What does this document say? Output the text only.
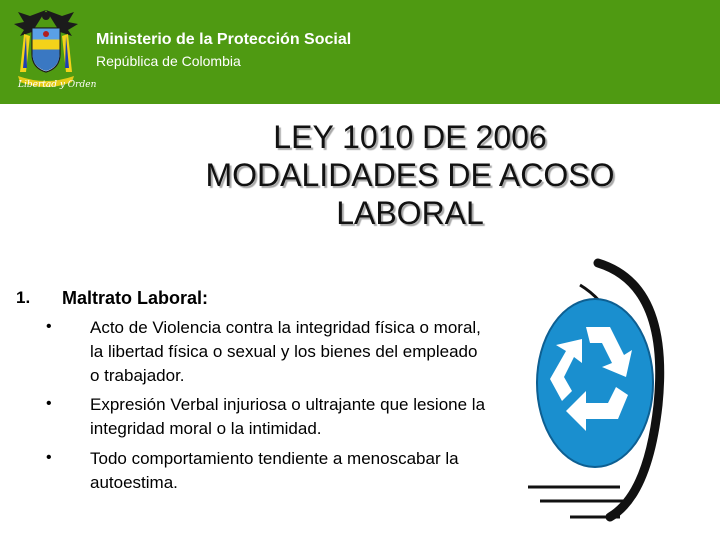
Ministerio de la Protección Social
República de Colombia
Libertad y Orden
LEY 1010 DE 2006
MODALIDADES DE ACOSO
LABORAL
1. Maltrato Laboral:
• Acto de Violencia contra la integridad física o moral, la libertad física o sexual y los bienes del empleado o trabajador.
• Expresión Verbal injuriosa o ultrajante que lesione la integridad moral o la intimidad.
• Todo comportamiento tendiente a menoscabar la autoestima.
